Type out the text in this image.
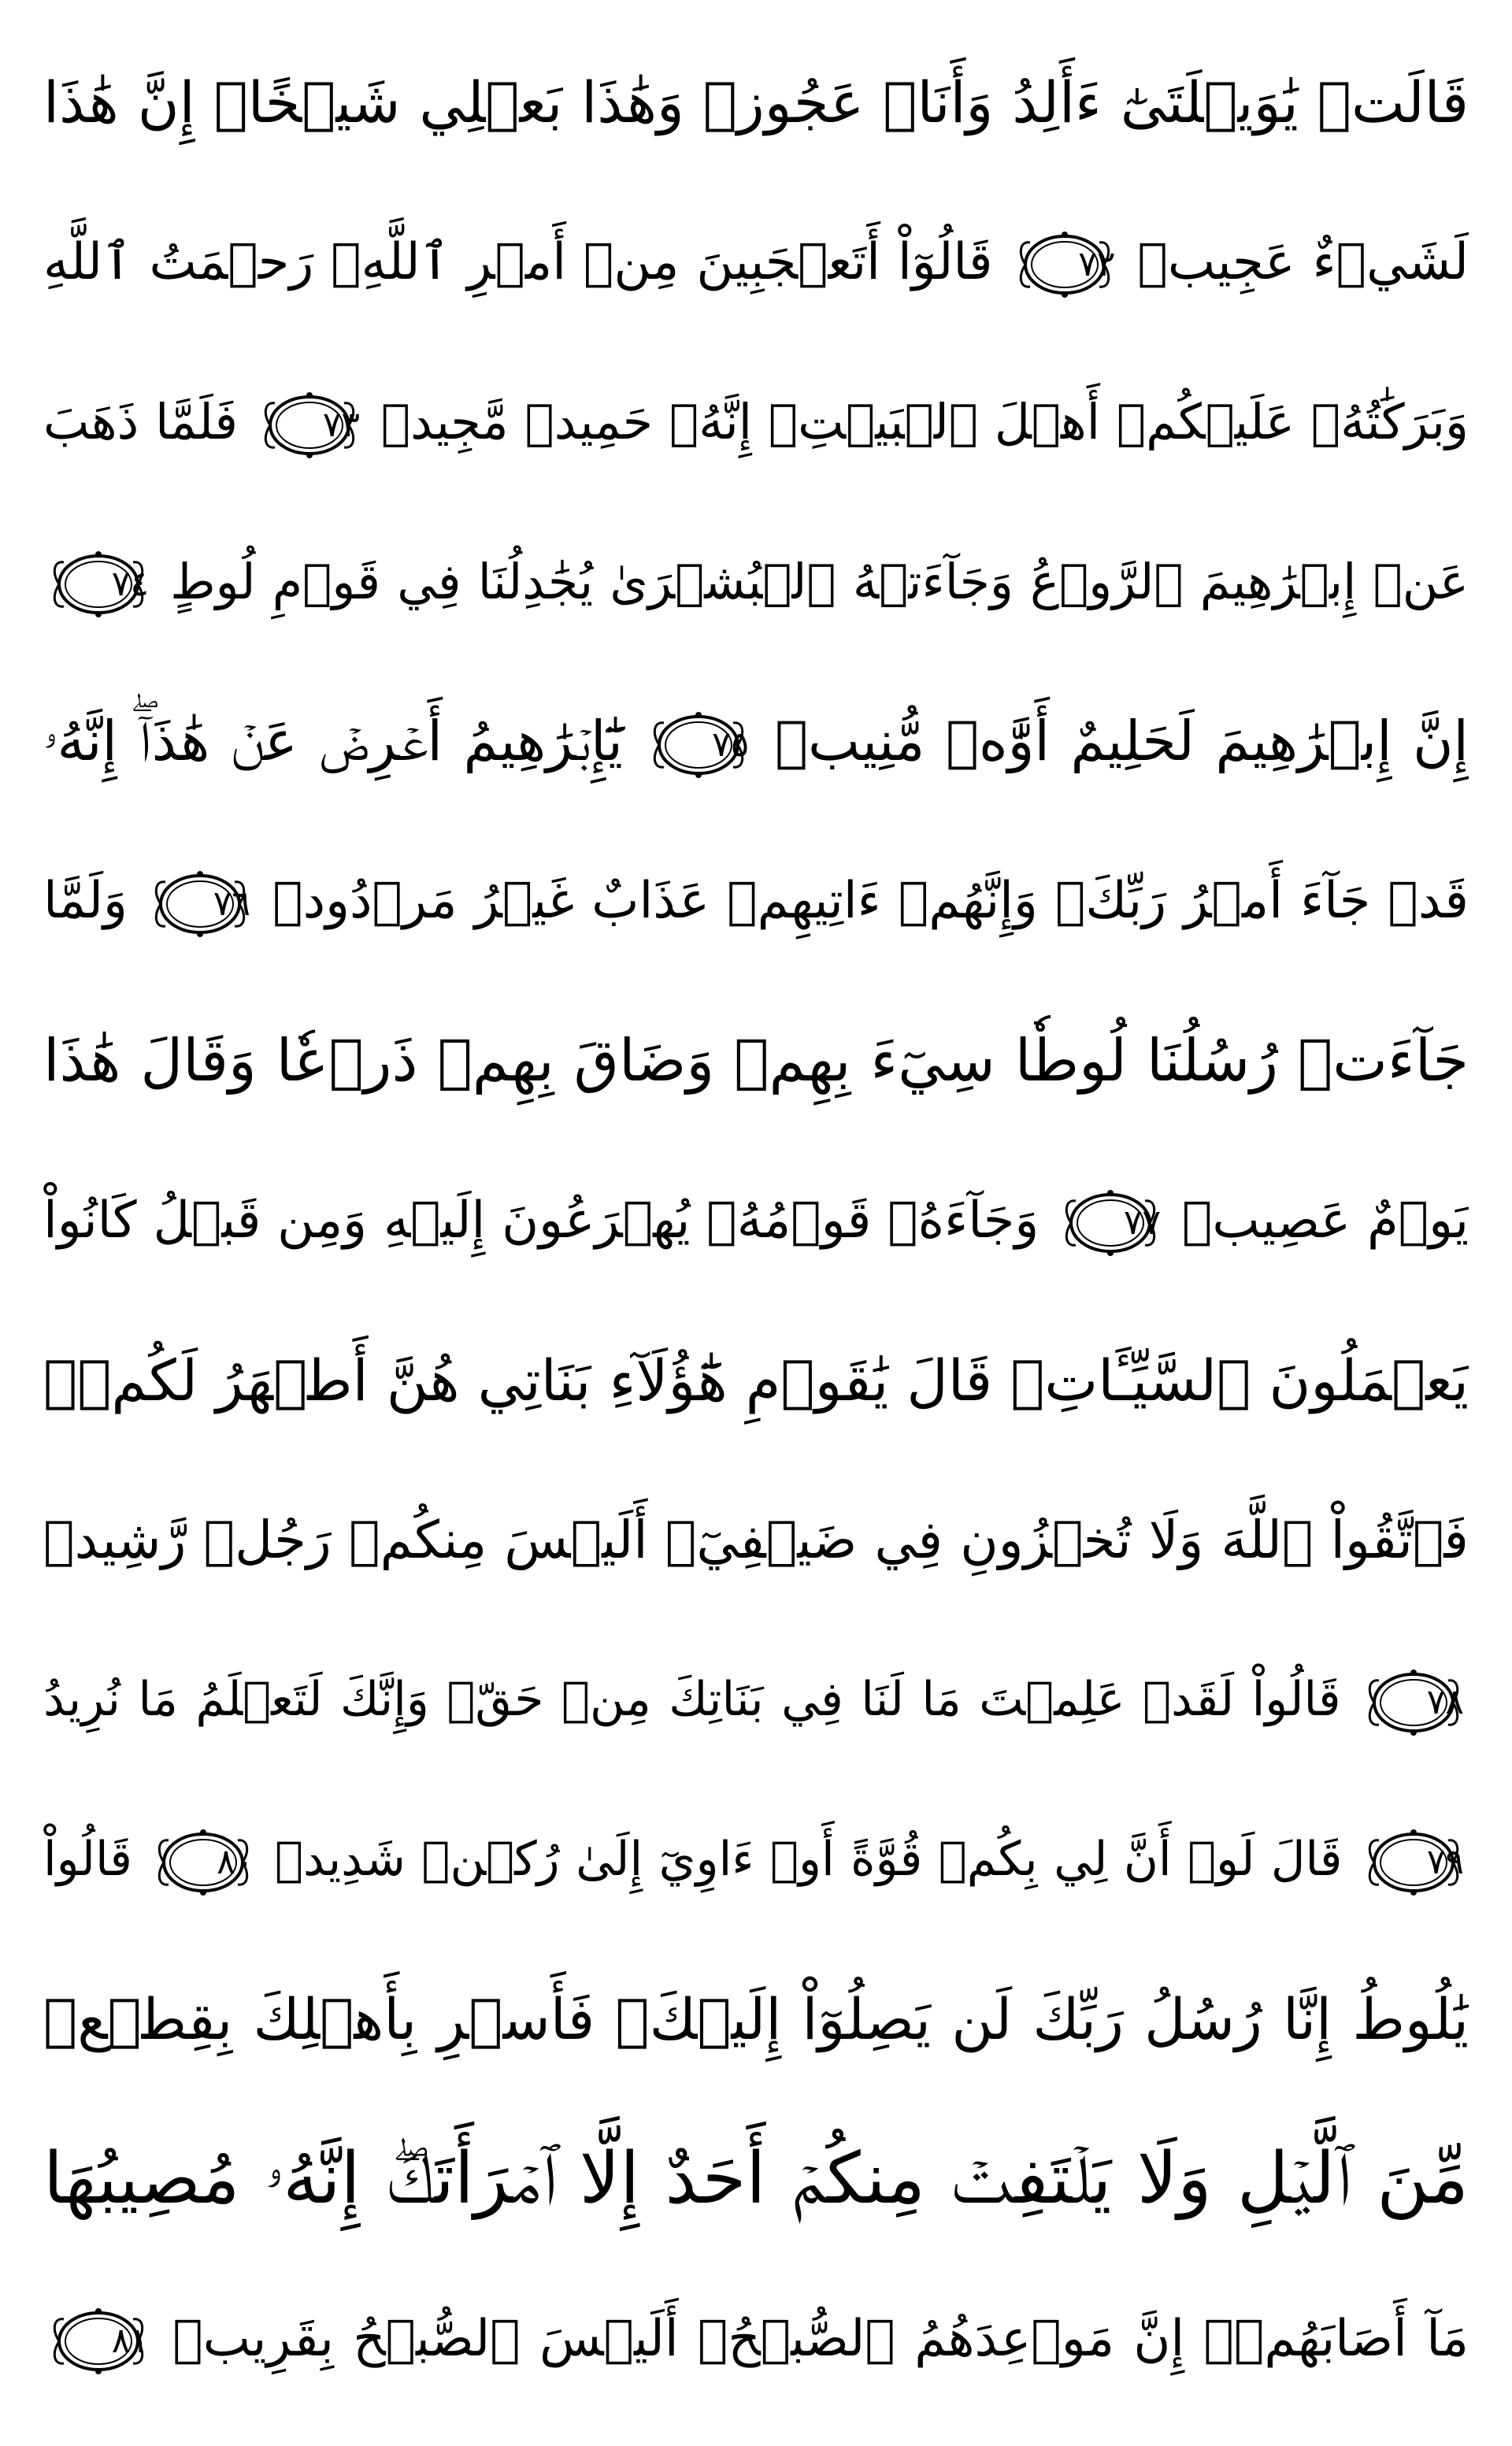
قَالَتۡ يَٰوَيۡلَتَىٰٓ ءَأَلِدُ وَأَنَا۠ عَجُوزٞ وَهَٰذَا بَعۡلِي شَيۡخًاۖ إِنَّ هَٰذَا
لَشَيۡءٌ عَجِيبٞ
٧٢
قَالُوٓاْ أَتَعۡجَبِينَ مِنۡ أَمۡرِ ٱللَّهِۖ رَحۡمَتُ ٱللَّهِ
وَبَرَكَٰتُهُۥ عَلَيۡكُمۡ أَهۡلَ ٱلۡبَيۡتِۚ إِنَّهُۥ حَمِيدٞ مَّجِيدٞ
٧٣
فَلَمَّا ذَهَبَ
عَنۡ إِبۡرَٰهِيمَ ٱلرَّوۡعُ وَجَآءَتۡهُ ٱلۡبُشۡرَىٰ يُجَٰدِلُنَا فِي قَوۡمِ لُوطٍ
٧٤
إِنَّ إِبۡرَٰهِيمَ لَحَلِيمٌ أَوَّٰهٞ مُّنِيبٞ
٧٥
يَٰٓإِبۡرَٰهِيمُ أَعۡرِضۡ عَنۡ هَٰذَآۖ إِنَّهُۥ
قَدۡ جَآءَ أَمۡرُ رَبِّكَۖ وَإِنَّهُمۡ ءَاتِيهِمۡ عَذَابٌ غَيۡرُ مَرۡدُودٖ
٧٦
وَلَمَّا
جَآءَتۡ رُسُلُنَا لُوطٗا سِيٓءَ بِهِمۡ وَضَاقَ بِهِمۡ ذَرۡعٗا وَقَالَ هَٰذَا
يَوۡمٌ عَصِيبٞ
٧٧
وَجَآءَهُۥ قَوۡمُهُۥ يُهۡرَعُونَ إِلَيۡهِ وَمِن قَبۡلُ كَانُواْ
يَعۡمَلُونَ ٱلسَّيِّـَٔاتِۚ قَالَ يَٰقَوۡمِ هَٰٓؤُلَآءِ بَنَاتِي هُنَّ أَطۡهَرُ لَكُمۡۖ
فَٱتَّقُواْ ٱللَّهَ وَلَا تُخۡزُونِ فِي ضَيۡفِيٓۖ أَلَيۡسَ مِنكُمۡ رَجُلٞ رَّشِيدٞ
٧٨
قَالُواْ لَقَدۡ عَلِمۡتَ مَا لَنَا فِي بَنَاتِكَ مِنۡ حَقّٖ وَإِنَّكَ لَتَعۡلَمُ مَا نُرِيدُ
٧٩
قَالَ لَوۡ أَنَّ لِي بِكُمۡ قُوَّةً أَوۡ ءَاوِيٓ إِلَىٰ رُكۡنٖ شَدِيدٖ
٨٠
قَالُواْ
يَٰلُوطُ إِنَّا رُسُلُ رَبِّكَ لَن يَصِلُوٓاْ إِلَيۡكَۖ فَأَسۡرِ بِأَهۡلِكَ بِقِطۡعٖ
مِّنَ ٱلَّيۡلِ وَلَا يَلۡتَفِتۡ مِنكُمۡ أَحَدٌ إِلَّا ٱمۡرَأَتَكَۖ إِنَّهُۥ مُصِيبُهَا
مَآ أَصَابَهُمۡۚ إِنَّ مَوۡعِدَهُمُ ٱلصُّبۡحُۚ أَلَيۡسَ ٱلصُّبۡحُ بِقَرِيبٖ
٨١
